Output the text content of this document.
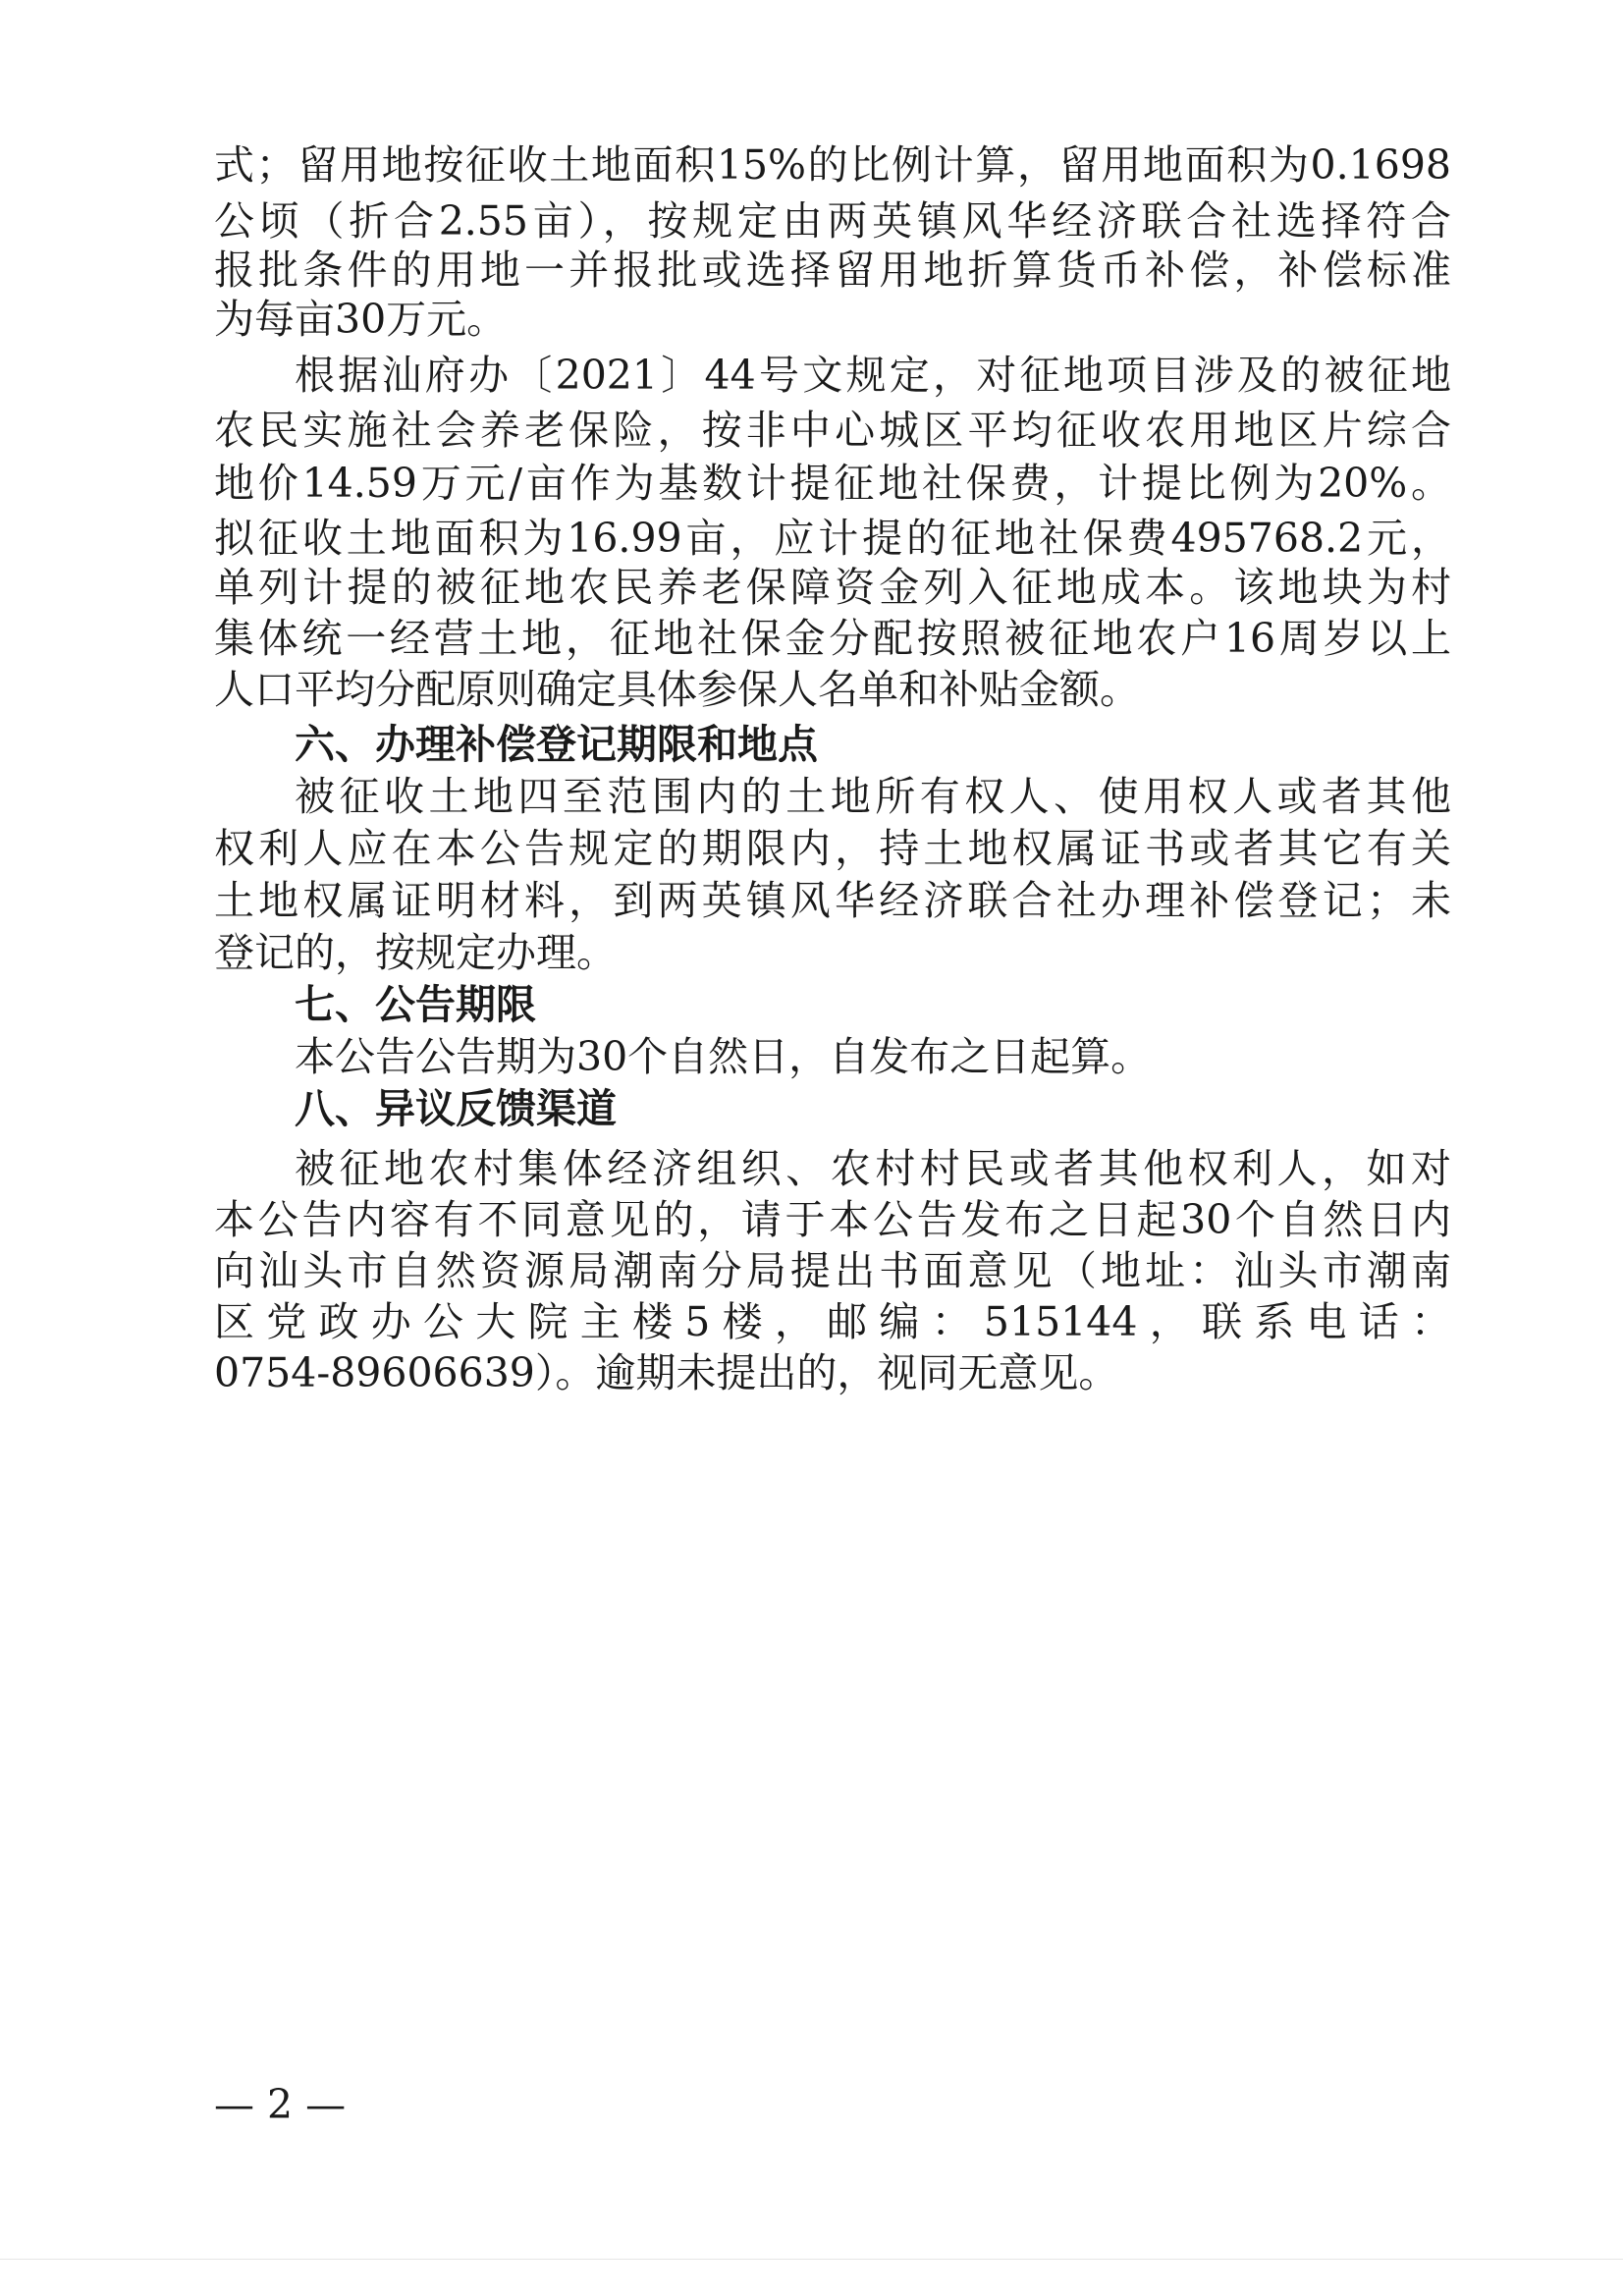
式；留用地按征收土地面积15%的比例计算，留用地面积为0.1698
公顷（折合2.55亩），按规定由两英镇风华经济联合社选择符合
报批条件的用地一并报批或选择留用地折算货币补偿，补偿标准
为每亩30万元。
根据汕府办〔2021〕44号文规定，对征地项目涉及的被征地
农民实施社会养老保险，按非中心城区平均征收农用地区片综合
地价14.59万元/亩作为基数计提征地社保费，计提比例为20%。
拟征收土地面积为16.99亩，应计提的征地社保费495768.2元，
单列计提的被征地农民养老保障资金列入征地成本。该地块为村
集体统一经营土地，征地社保金分配按照被征地农户16周岁以上
人口平均分配原则确定具体参保人名单和补贴金额。
六、办理补偿登记期限和地点
被征收土地四至范围内的土地所有权人、使用权人或者其他
权利人应在本公告规定的期限内，持土地权属证书或者其它有关
土地权属证明材料，到两英镇风华经济联合社办理补偿登记；未
登记的，按规定办理。
七、公告期限
本公告公告期为30个自然日，自发布之日起算。
八、异议反馈渠道
被征地农村集体经济组织、农村村民或者其他权利人，如对
本公告内容有不同意见的，请于本公告发布之日起30个自然日内
向汕头市自然资源局潮南分局提出书面意见（地址：汕头市潮南
区党政办公大院主楼5楼，邮编：515144，联系电话：
0754-89606639）。逾期未提出的，视同无意见。
— 2 —
